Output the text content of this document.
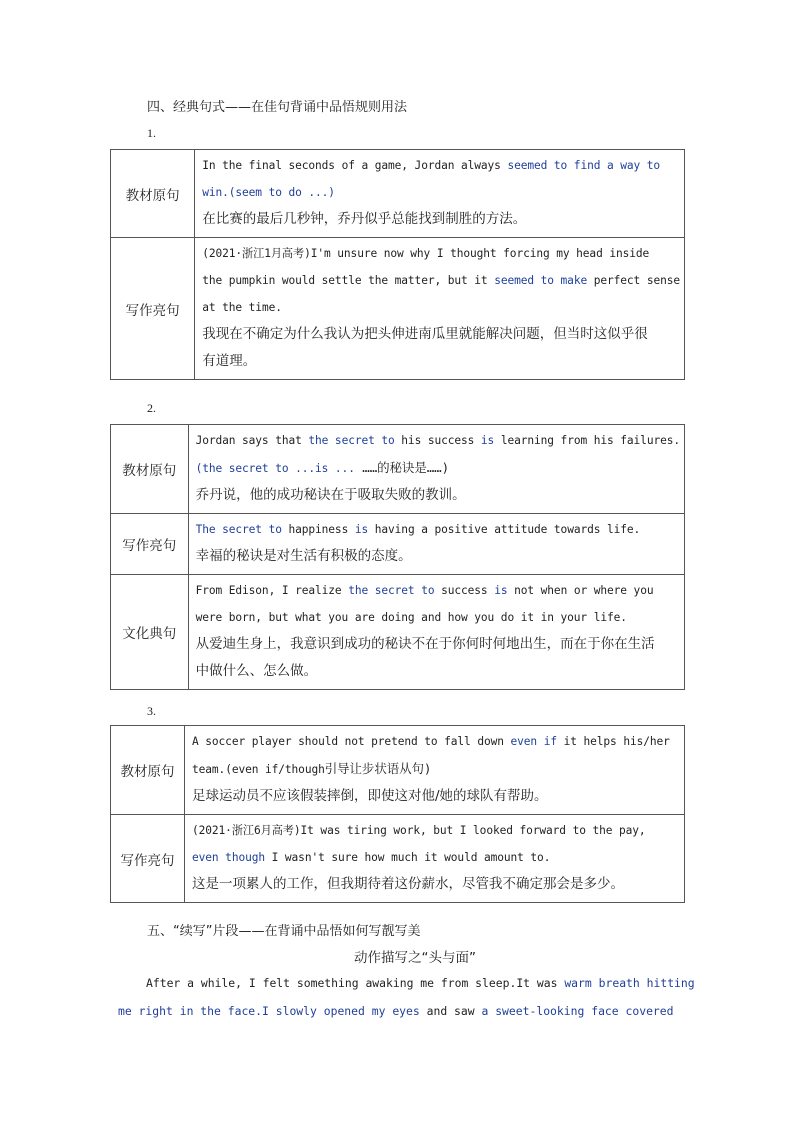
四、经典句式——在佳句背诵中品悟规则用法
1.
教材原句	In the final seconds of a game, Jordan always seemed to find a way to
win.(seem to do ...)
在比赛的最后几秒钟，乔丹似乎总能找到制胜的方法。

写作亮句	(2021·浙江1月高考)I'm unsure now why I thought forcing my head inside
the pumpkin would settle the matter, but it seemed to make perfect sense
at the time.
我现在不确定为什么我认为把头伸进南瓜里就能解决问题，但当时这似乎很
有道理。
2.
教材原句	Jordan says that the secret to his success is learning from his failures.
(the secret to ...is ... ……的秘诀是……)
乔丹说，他的成功秘诀在于吸取失败的教训。

写作亮句	The secret to happiness is having a positive attitude towards life.
幸福的秘诀是对生活有积极的态度。

文化典句	From Edison, I realize the secret to success is not when or where you
were born, but what you are doing and how you do it in your life.
从爱迪生身上，我意识到成功的秘诀不在于你何时何地出生，而在于你在生活
中做什么、怎么做。
3.
教材原句	A soccer player should not pretend to fall down even if it helps his/her
team.(even if/though引导让步状语从句)
足球运动员不应该假装摔倒，即使这对他/她的球队有帮助。

写作亮句	(2021·浙江6月高考)It was tiring work, but I looked forward to the pay,
even though I wasn't sure how much it would amount to.
这是一项累人的工作，但我期待着这份薪水，尽管我不确定那会是多少。
五、“续写”片段——在背诵中品悟如何写靓写美
动作描写之“头与面”
After a while, I felt something awaking me from sleep.It was warm breath hitting
me right in the face.I slowly opened my eyes and saw a sweet-looking face covered
